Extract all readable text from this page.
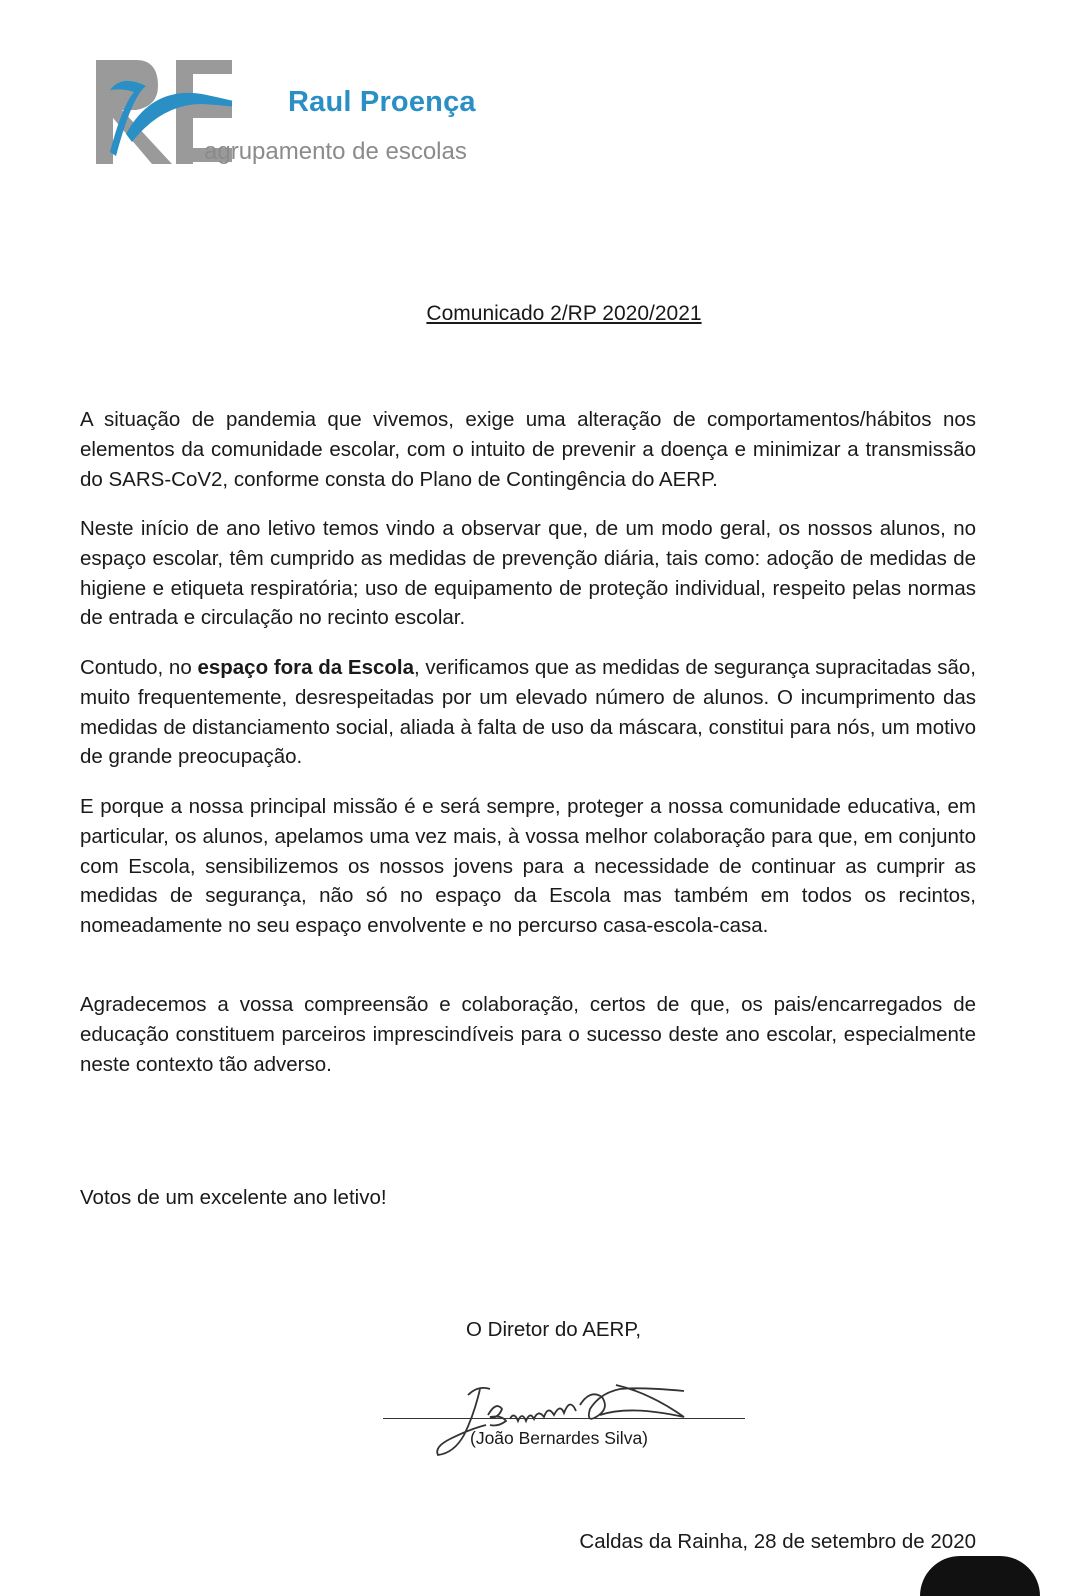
Raul Proença
agrupamento de escolas
Comunicado 2/RP 2020/2021

A situação de pandemia que vivemos, exige uma alteração de comportamentos/hábitos nos elementos da comunidade escolar, com o intuito de prevenir a doença e minimizar a transmissão do SARS-CoV2, conforme consta do Plano de Contingência do AERP.

Neste início de ano letivo temos vindo a observar que, de um modo geral, os nossos alunos, no espaço escolar, têm cumprido as medidas de prevenção diária, tais como: adoção de medidas de higiene e etiqueta respiratória; uso de equipamento de proteção individual, respeito pelas normas de entrada e circulação no recinto escolar.

Contudo, no espaço fora da Escola, verificamos que as medidas de segurança supracitadas são, muito frequentemente, desrespeitadas por um elevado número de alunos. O incumprimento das medidas de distanciamento social, aliada à falta de uso da máscara, constitui para nós, um motivo de grande preocupação.

E porque a nossa principal missão é e será sempre, proteger a nossa comunidade educativa, em particular, os alunos, apelamos uma vez mais, à vossa melhor colaboração para que, em conjunto com Escola, sensibilizemos os nossos jovens para a necessidade de continuar as cumprir as medidas de segurança, não só no espaço da Escola mas também em todos os recintos, nomeadamente no seu espaço envolvente e no percurso casa-escola-casa.

Agradecemos a vossa compreensão e colaboração, certos de que, os pais/encarregados de educação constituem parceiros imprescindíveis para o sucesso deste ano escolar, especialmente neste contexto tão adverso.

Votos de um excelente ano letivo!
O Diretor do AERP,
(João Bernardes Silva)
Caldas da Rainha, 28 de setembro de 2020
